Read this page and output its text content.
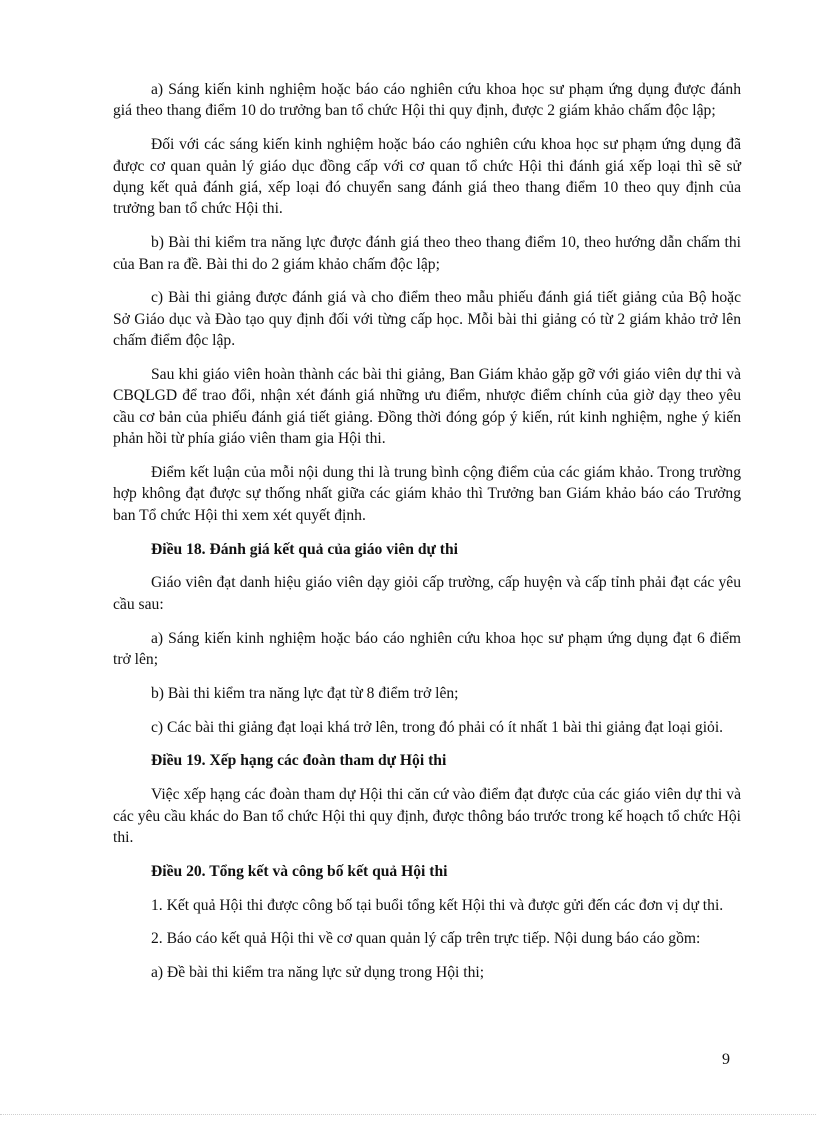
a) Sáng kiến kinh nghiệm hoặc báo cáo nghiên cứu khoa học sư phạm ứng dụng được đánh giá theo thang điểm 10 do trưởng ban tổ chức Hội thi quy định, được 2 giám khảo chấm độc lập;

Đối với các sáng kiến kinh nghiệm hoặc báo cáo nghiên cứu khoa học sư phạm ứng dụng đã được cơ quan quản lý giáo dục đồng cấp với cơ quan tổ chức Hội thi đánh giá xếp loại thì sẽ sử dụng kết quả đánh giá, xếp loại đó chuyển sang đánh giá theo thang điểm 10 theo quy định của trưởng ban tổ chức Hội thi.

b) Bài thi kiểm tra năng lực được đánh giá theo theo thang điểm 10, theo hướng dẫn chấm thi của Ban ra đề. Bài thi do 2 giám khảo chấm độc lập;

c) Bài thi giảng được đánh giá và cho điểm theo mẫu phiếu đánh giá tiết giảng của Bộ hoặc Sở Giáo dục và Đào tạo quy định đối với từng cấp học. Mỗi bài thi giảng có từ 2 giám khảo trở lên chấm điểm độc lập.

Sau khi giáo viên hoàn thành các bài thi giảng, Ban Giám khảo gặp gỡ với giáo viên dự thi và CBQLGD để trao đổi, nhận xét đánh giá những ưu điểm, nhược điểm chính của giờ dạy theo yêu cầu cơ bản của phiếu đánh giá tiết giảng. Đồng thời đóng góp ý kiến, rút kinh nghiệm, nghe ý kiến phản hồi từ phía giáo viên tham gia Hội thi.

Điểm kết luận của mỗi nội dung thi là trung bình cộng điểm của các giám khảo. Trong trường hợp không đạt được sự thống nhất giữa các giám khảo thì Trưởng ban Giám khảo báo cáo Trưởng ban Tổ chức Hội thi xem xét quyết định.

Điều 18. Đánh giá kết quả của giáo viên dự thi

Giáo viên đạt danh hiệu giáo viên dạy giỏi cấp trường, cấp huyện và cấp tỉnh phải đạt các yêu cầu sau:

a) Sáng kiến kinh nghiệm hoặc báo cáo nghiên cứu khoa học sư phạm ứng dụng đạt 6 điểm trở lên;

b) Bài thi kiểm tra năng lực đạt từ 8 điểm trở lên;

c) Các bài thi giảng đạt loại khá trở lên, trong đó phải có ít nhất 1 bài thi giảng đạt loại giỏi.

Điều 19. Xếp hạng các đoàn tham dự Hội thi

Việc xếp hạng các đoàn tham dự Hội thi căn cứ vào điểm đạt được của các giáo viên dự thi và các yêu cầu khác do Ban tổ chức Hội thi quy định, được thông báo trước trong kế hoạch tổ chức Hội thi.

Điều 20. Tổng kết và công bố kết quả Hội thi

1. Kết quả Hội thi được công bố tại buổi tổng kết Hội thi và được gửi đến các đơn vị dự thi.

2. Báo cáo kết quả Hội thi về cơ quan quản lý cấp trên trực tiếp. Nội dung báo cáo gồm:

a) Đề bài thi kiểm tra năng lực sử dụng trong Hội thi;

9
